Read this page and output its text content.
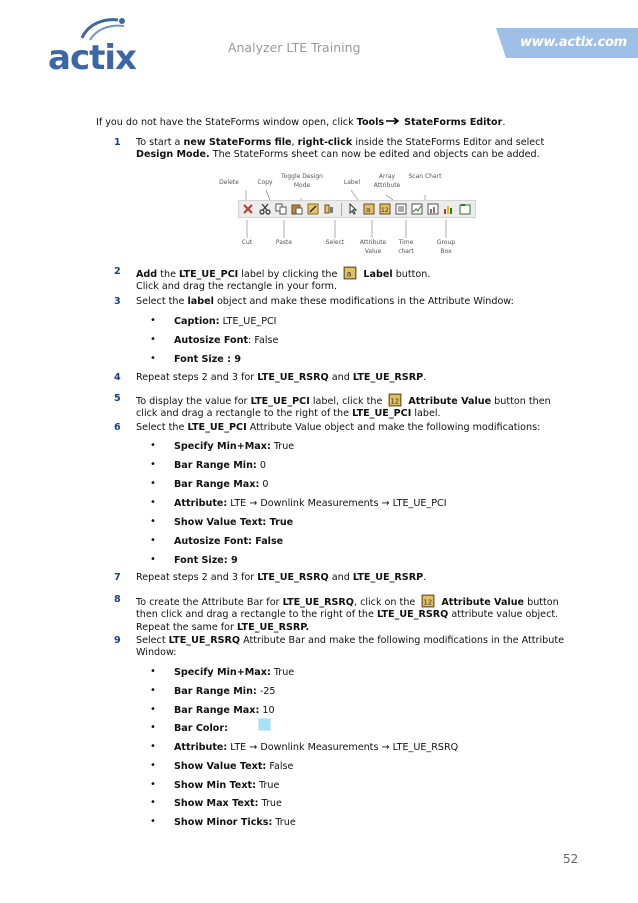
actix	Analyzer LTE Training	www.actix.com
If you do not have the StateForms window open, click Tools StateForms Editor.
1	To start a new StateForms file, right-click inside the StateForms Editor and select
Design Mode. The StateForms sheet can now be edited and objects can be added.
Delete	Copy
Toggle Design Mode	Label
Array Attribute
Scan Chart
a 12
Cut	Paste	Select	Attribute Value
Time chart
Group Box
2	Add the LTE_UE_PCI label by clicking the a Label button.
Click and drag the rectangle in your form.
3	Select the label object and make these modifications in the Attribute Window:
• Caption: LTE_UE_PCI
• Autosize Font: False
• Font Size : 9
4	Repeat steps 2 and 3 for LTE_UE_RSRQ and LTE_UE_RSRP.
5	To display the value for LTE_UE_PCI label, click the 12 Attribute Value button then
click and drag a rectangle to the right of the LTE_UE_PCI label.
6	Select the LTE_UE_PCI Attribute Value object and make the following modifications:
• Specify Min+Max: True
• Bar Range Min: 0
• Bar Range Max: 0
• Attribute: LTE → Downlink Measurements → LTE_UE_PCI
• Show Value Text: True
• Autosize Font: False
• Font Size: 9
7	Repeat steps 2 and 3 for LTE_UE_RSRQ and LTE_UE_RSRP.
8	To create the Attribute Bar for LTE_UE_RSRQ, click on the 12 Attribute Value button
then click and drag a rectangle to the right of the LTE_UE_RSRQ attribute value object.
Repeat the same for LTE_UE_RSRP.
9	Select LTE_UE_RSRQ Attribute Bar and make the following modifications in the Attribute
Window:
• Specify Min+Max: True
• Bar Range Min: -25
• Bar Range Max: 10
• Bar Color:
• Attribute: LTE → Downlink Measurements → LTE_UE_RSRQ
• Show Value Text: False
• Show Min Text: True
• Show Max Text: True
• Show Minor Ticks: True
52
